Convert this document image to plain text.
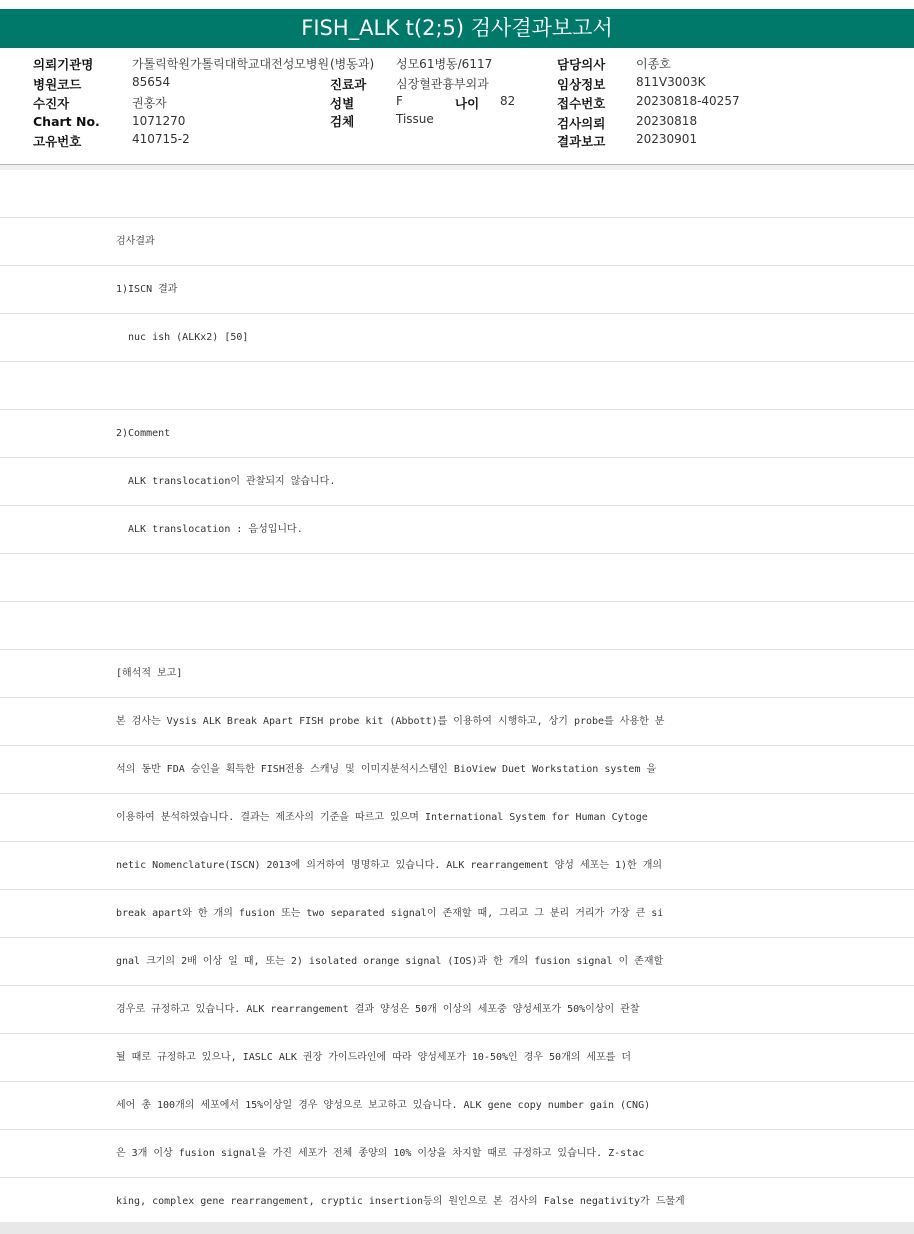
FISH_ALK t(2;5) 검사결과보고서
의뢰기관명	가톨릭학원가톨릭대학교대전성모병원 (병동과) 성모61병동/6117	담당의사	이종호
병원코드	85654	진료과 심장혈관흉부외과	임상정보	811V3003K
수진자	권홍자	성별	F	나이 82	접수번호	20230818-40257
Chart No.	1071270	검체	Tissue	검사의뢰	20230818
고유번호	410715-2	결과보고	20230901
검사결과
1)ISCN 결과
nuc ish (ALKx2) [50]
2)Comment
ALK translocation이 관찰되지 않습니다.
ALK translocation : 음성입니다.
[해석적 보고]
본 검사는 Vysis ALK Break Apart FISH probe kit (Abbott)를 이용하여 시행하고, 상기 probe를 사용한 분
석의 동반 FDA 승인을 획득한 FISH전용 스캐닝 및 이미지분석시스템인 BioView Duet Workstation system 을
이용하여 분석하였습니다. 결과는 제조사의 기준을 따르고 있으며 International System for Human Cytoge
netic Nomenclature(ISCN) 2013에 의거하여 명명하고 있습니다. ALK rearrangement 양성 세포는 1)한 개의
break apart와 한 개의 fusion 또는 two separated signal이 존재할 때, 그리고 그 분리 거리가 가장 큰 si
gnal 크기의 2배 이상 일 때, 또는 2) isolated orange signal (IOS)과 한 개의 fusion signal 이 존재할
경우로 규정하고 있습니다. ALK rearrangement 결과 양성은 50개 이상의 세포중 양성세포가 50%이상이 관찰
될 때로 규정하고 있으나, IASLC ALK 권장 가이드라인에 따라 양성세포가 10-50%인 경우 50개의 세포를 더
세어 총 100개의 세포에서 15%이상일 경우 양성으로 보고하고 있습니다. ALK gene copy number gain (CNG)
은 3개 이상 fusion signal을 가진 세포가 전체 종양의 10% 이상을 차지할 때로 규정하고 있습니다. Z-stac
king, complex gene rearrangement, cryptic insertion등의 원인으로 본 검사의 False negativity가 드물게
